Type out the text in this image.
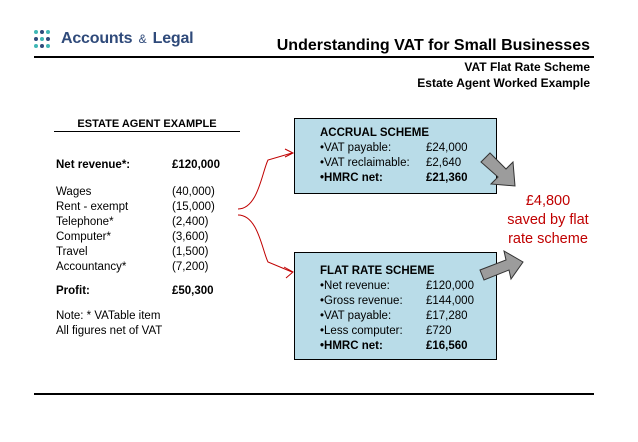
Accounts & Legal	Understanding VAT for Small Businesses
VAT Flat Rate Scheme
Estate Agent Worked Example
ESTATE AGENT EXAMPLE
Net revenue*:	£120,000
Wages	(40,000)
Rent - exempt	(15,000)
Telephone*	(2,400)
Computer*	(3,600)
Travel	(1,500)
Accountancy*	(7,200)
Profit:	£50,300
Note: * VATable item
All figures net of VAT
ACCRUAL SCHEME
•VAT payable:	£24,000
•VAT reclaimable: £2,640
•HMRC net:	£21,360
FLAT RATE SCHEME
•Net revenue:	£120,000
•Gross revenue: £144,000
•VAT payable:	£17,280
•Less computer: £720
•HMRC net:	£16,560
£4,800
saved by flat
rate scheme
